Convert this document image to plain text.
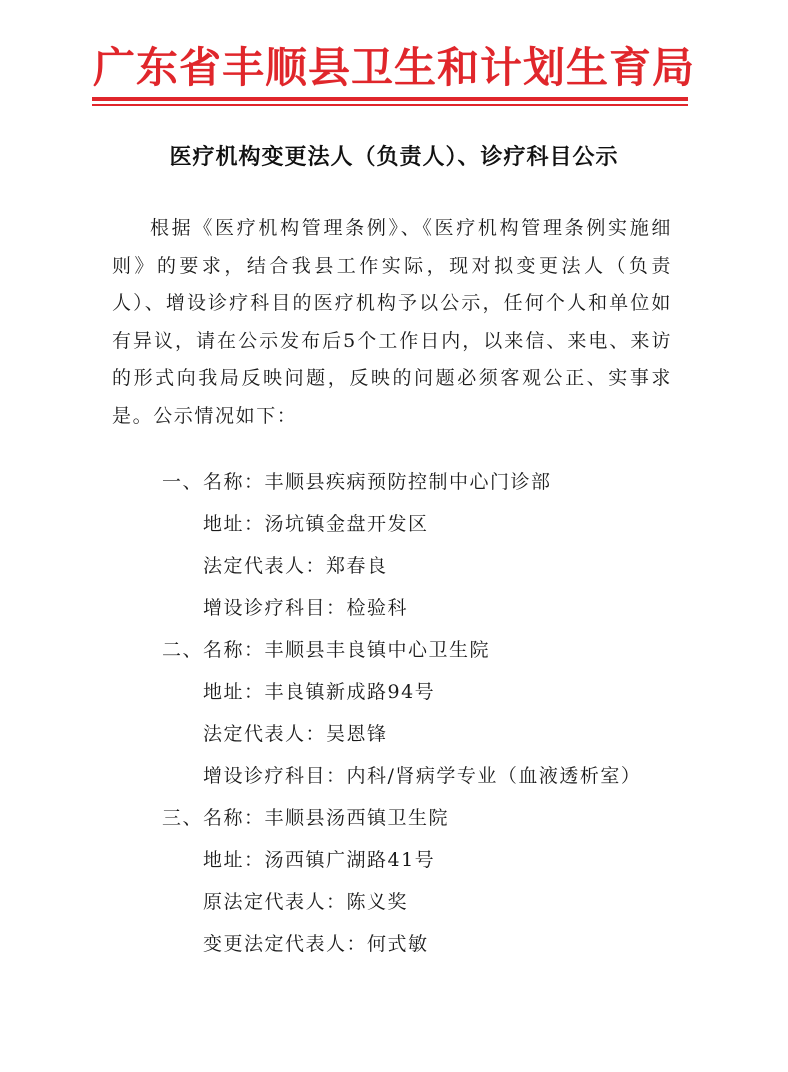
广东省丰顺县卫生和计划生育局
医疗机构变更法人（负责人）、诊疗科目公示

根据《医疗机构管理条例》、《医疗机构管理条例实施细则》的要求，结合我县工作实际，现对拟变更法人（负责人）、增设诊疗科目的医疗机构予以公示，任何个人和单位如有异议，请在公示发布后5个工作日内，以来信、来电、来访的形式向我局反映问题，反映的问题必须客观公正、实事求是。公示情况如下：

一、名称：丰顺县疾病预防控制中心门诊部
地址：汤坑镇金盘开发区
法定代表人：郑春良
增设诊疗科目：检验科
二、名称：丰顺县丰良镇中心卫生院
地址：丰良镇新成路94号
法定代表人：吴恩锋
增设诊疗科目：内科/肾病学专业（血液透析室）
三、名称：丰顺县汤西镇卫生院
地址：汤西镇广湖路41号
原法定代表人：陈义奖
变更法定代表人：何式敏
